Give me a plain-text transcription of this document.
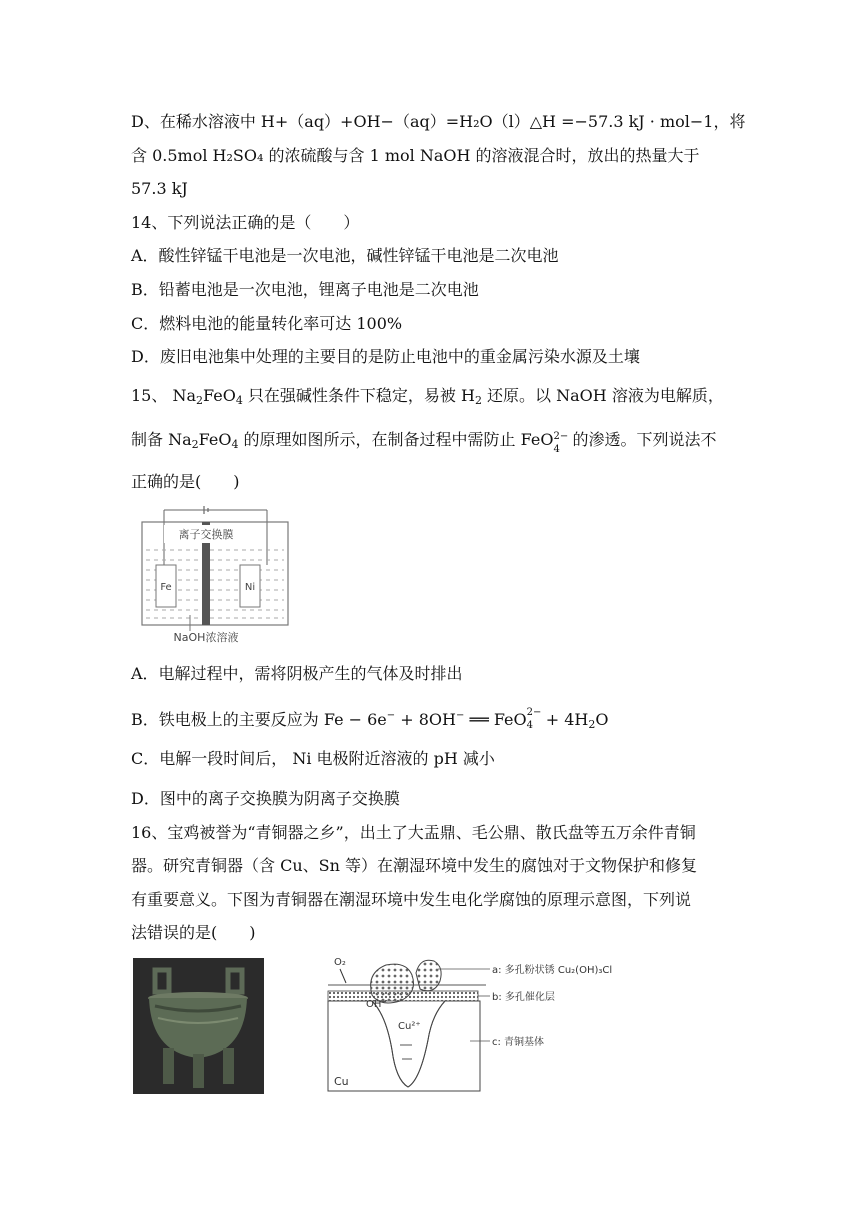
D、在稀水溶液中 H+（aq）+OH−（aq）=H₂O（l）△H =−57.3 kJ · mol−1，将
含 0.5mol H₂SO₄ 的浓硫酸与含 1 mol NaOH 的溶液混合时，放出的热量大于
57.3 kJ
14、下列说法正确的是（　　）
A．酸性锌锰干电池是一次电池，碱性锌锰干电池是二次电池
B．铅蓄电池是一次电池，锂离子电池是二次电池
C．燃料电池的能量转化率可达 100%
D．废旧电池集中处理的主要目的是防止电池中的重金属污染水源及土壤
15、 $Na_2FeO_4$ 只在强碱性条件下稳定，易被 $H_2$ 还原。以 NaOH 溶液为电解质，
制备 $Na_2FeO_4$ 的原理如图所示，在制备过程中需防止 FeO 2−
4
的渗透。下列说法不
正确的是(　　)
离子交换膜
Fe	Ni
NaOH浓溶液
A．电解过程中，需将阴极产生的气体及时排出
B．铁电极上的主要反应为 Fe − 6e− + 8OH− ══ FeO 2−
$4 + 4H_2O$
C．电解一段时间后， Ni 电极附近溶液的 pH 减小
D．图中的离子交换膜为阴离子交换膜
16、宝鸡被誉为“青铜器之乡”，出土了大盂鼎、毛公鼎、散氏盘等五万余件青铜
器。研究青铜器（含 Cu、Sn 等）在潮湿环境中发生的腐蚀对于文物保护和修复
有重要意义。下图为青铜器在潮湿环境中发生电化学腐蚀的原理示意图，下列说
法错误的是(　　)
O₂
OH⁻
Cu²⁺
Cu
a: 多孔粉状锈 Cu₂(OH)₃Cl
b: 多孔催化层
c: 青铜基体
